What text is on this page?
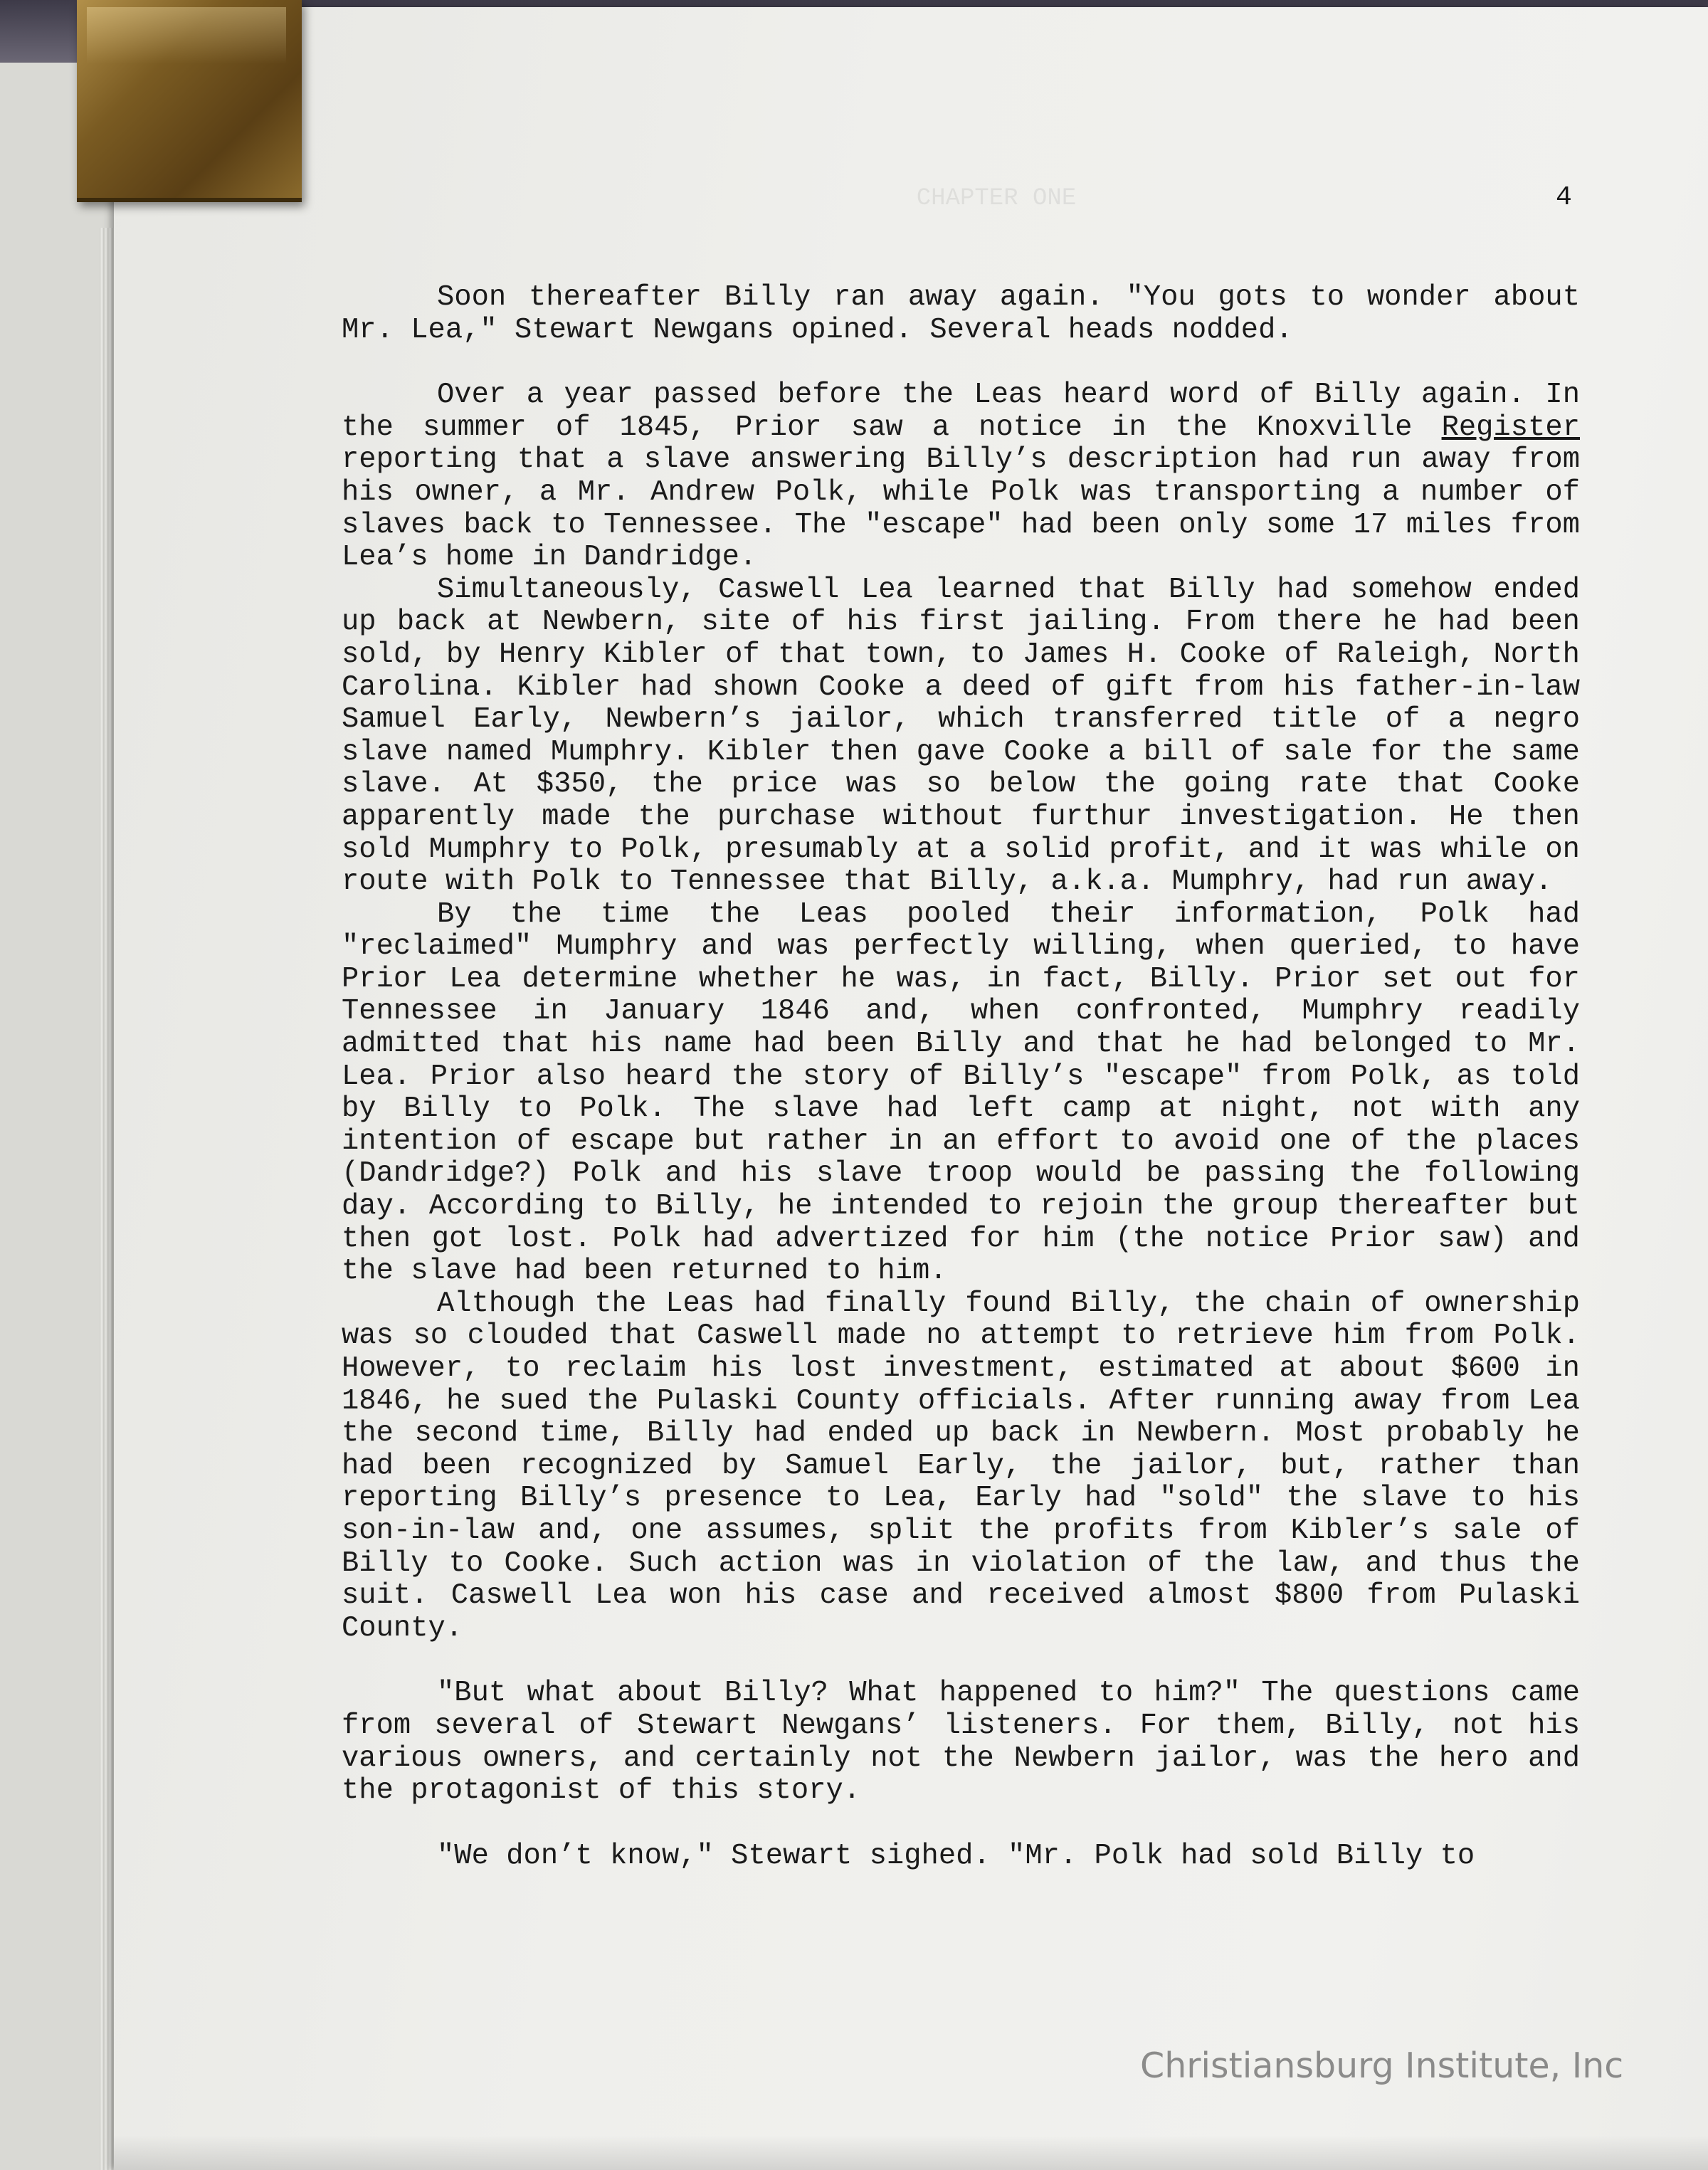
CHAPTER ONE	4

Soon thereafter Billy ran away again. "You gots to wonder about Mr. Lea," Stewart Newgans opined. Several heads nodded.

Over a year passed before the Leas heard word of Billy again. In the summer of 1845, Prior saw a notice in the Knoxville Register reporting that a slave answering Billy’s description had run away from his owner, a Mr. Andrew Polk, while Polk was transporting a number of slaves back to Tennessee. The "escape" had been only some 17 miles from Lea’s home in Dandridge.

Simultaneously, Caswell Lea learned that Billy had somehow ended up back at Newbern, site of his first jailing. From there he had been sold, by Henry Kibler of that town, to James H. Cooke of Raleigh, North Carolina. Kibler had shown Cooke a deed of gift from his father-in-law Samuel Early, Newbern’s jailor, which transferred title of a negro slave named Mumphry. Kibler then gave Cooke a bill of sale for the same slave. At $350, the price was so below the going rate that Cooke apparently made the purchase without furthur investigation. He then sold Mumphry to Polk, presumably at a solid profit, and it was while on route with Polk to Tennessee that Billy, a.k.a. Mumphry, had run away.

By the time the Leas pooled their information, Polk had "reclaimed" Mumphry and was perfectly willing, when queried, to have Prior Lea determine whether he was, in fact, Billy. Prior set out for Tennessee in January 1846 and, when confronted, Mumphry readily admitted that his name had been Billy and that he had belonged to Mr. Lea. Prior also heard the story of Billy’s "escape" from Polk, as told by Billy to Polk. The slave had left camp at night, not with any intention of escape but rather in an effort to avoid one of the places (Dandridge?) Polk and his slave troop would be passing the following day. According to Billy, he intended to rejoin the group thereafter but then got lost. Polk had advertized for him (the notice Prior saw) and the slave had been returned to him.

Although the Leas had finally found Billy, the chain of ownership was so clouded that Caswell made no attempt to retrieve him from Polk. However, to reclaim his lost investment, estimated at about $600 in 1846, he sued the Pulaski County officials. After running away from Lea the second time, Billy had ended up back in Newbern. Most probably he had been recognized by Samuel Early, the jailor, but, rather than reporting Billy’s presence to Lea, Early had "sold" the slave to his son-in-law and, one assumes, split the profits from Kibler’s sale of Billy to Cooke. Such action was in violation of the law, and thus the suit. Caswell Lea won his case and received almost $800 from Pulaski County.

"But what about Billy? What happened to him?" The questions came from several of Stewart Newgans’ listeners. For them, Billy, not his various owners, and certainly not the Newbern jailor, was the hero and the protagonist of this story.

"We don’t know," Stewart sighed. "Mr. Polk had sold Billy to

Christiansburg Institute, Inc
